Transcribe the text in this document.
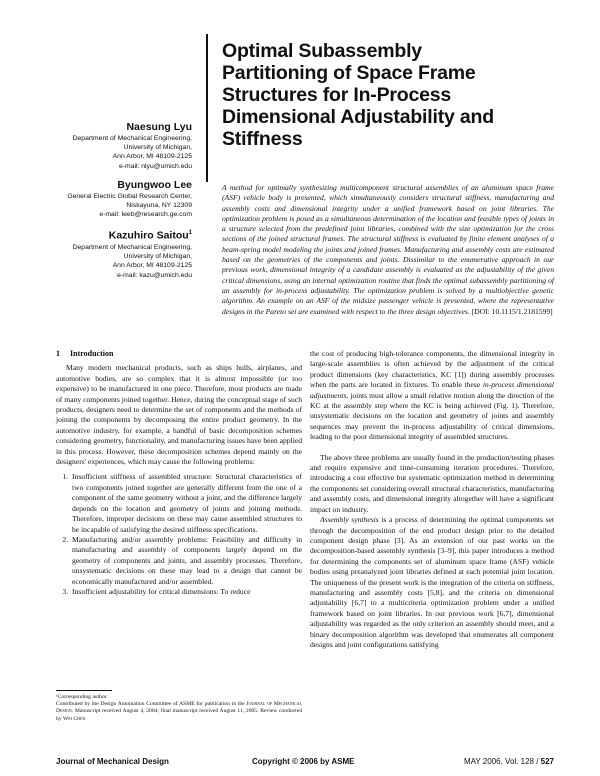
Optimal Subassembly
Partitioning of Space Frame
Structures for In-Process
Dimensional Adjustability and
Stiffness
Naesung Lyu
Department of Mechanical Engineering,
University of Michigan,
Ann Arbor, MI 48109-2125
e-mail: nlyu@umich.edu
Byungwoo Lee
General Electric Global Research Center,
Niskayuna, NY 12309
e-mail: leeb@research.ge.com
Kazuhiro Saitou$^1$
Department of Mechanical Engineering,
University of Michigan,
Ann Arbor, MI 48109-2125
e-mail: kazu@umich.edu
A method for optimally synthesizing multicomponent structural assemblies of an aluminum space frame (ASF) vehicle body is presented, which simultaneously considers structural stiffness, manufacturing and assembly costs and dimensional integrity under a unified framework based on joint libraries. The optimization problem is posed as a simultaneous determination of the location and feasible types of joints in a structure selected from the predefined joint libraries, combined with the size optimization for the cross sections of the joined structural frames. The structural stiffness is evaluated by finite element analyses of a beam-spring model modeling the joints and joined frames. Manufacturing and assembly costs are estimated based on the geometries of the components and joints. Dissimilar to the enumerative approach in our previous work, dimensional integrity of a candidate assembly is evaluated as the adjustability of the given critical dimensions, using an internal optimization routine that finds the optimal subassembly partitioning of an assembly for in-process adjustability. The optimization problem is solved by a multiobjective genetic algorithm. An example on an ASF of the midsize passenger vehicle is presented, where the representative designs in the Pareto set are examined with respect to the three design objectives. [DOI: 10.1115/1.2181599]
1 Introduction

Many modern mechanical products, such as ships hulls, airplanes, and automotive bodies, are so complex that it is almost impossible (or too expensive) to be manufactured in one piece. Therefore, most products are made of many components joined together. Hence, during the conceptual stage of such products, designers need to determine the set of components and the methods of joining the components by decomposing the entire product geometry. In the automotive industry, for example, a handful of basic decomposition schemes considering geometry, functionality, and manufacturing issues have been applied in this process. However, these decomposition schemes depend mainly on the designers' experiences, which may cause the following problems:

1. Insufficient stiffness of assembled structure: Structural characteristics of two components joined together are generally different from the one of a component of the same geometry without a joint, and the difference largely depends on the location and geometry of joints and joining methods. Therefore, improper decisions on these may cause assembled structures to be incapable of satisfying the desired stiffness specifications.
2. Manufacturing and/or assembly problems: Feasibility and difficulty in manufacturing and assembly of components largely depend on the geometry of components and joints, and assembly processes. Therefore, unsystematic decisions on these may lead to a design that cannot be economically manufactured and/or assembled.
3. Insufficient adjustability for critical dimensions: To reduce
¹Corresponding author.
Contributed by the Design Automation Committee of ASME for publication in the Journal of Mechanical Design. Manuscript received August 4, 2004; final manuscript received August 11, 2005. Review conducted by Wei Chen

the cost of producing high-tolerance components, the dimensional integrity in large-scale assemblies is often achieved by the adjustment of the critical product dimensions (key characteristics, KC [1]) during assembly processes when the parts are located in fixtures. To enable these in-process dimensional adjustments, joints must allow a small relative motion along the direction of the KC at the assembly step where the KC is being achieved (Fig. 1). Therefore, unsystematic decisions on the location and geometry of joints and assembly sequences may prevent the in-process adjustability of critical dimensions, leading to the poor dimensional integrity of assembled structures.

The above three problems are usually found in the production/testing phases and require expensive and time-consuming iteration procedures. Therefore, introducing a cost effective but systematic optimization method in determining the components set considering overall structural characteristics, manufacturing and assembly costs, and dimensional integrity altogether will have a significant impact on industry.

Assembly synthesis is a process of determining the optimal components set through the decomposition of the end product design prior to the detailed component design phase [3]. As an extension of our past works on the decomposition-based assembly synthesis [3–9], this paper introduces a method for determining the components set of aluminum space frame (ASF) vehicle bodies using preanalyzed joint libraries defined at each potential joint location. The uniqueness of the present work is the integration of the criteria on stiffness, manufacturing and assembly costs [5,8], and the criteria on dimensional adjustability [6,7] to a multicriteria optimization problem under a unified framework based on joint libraries. In our previous work [6,7], dimensional adjustability was regarded as the only criterion an assembly should meet, and a binary decomposition algorithm was developed that enumerates all component designs and joint configurations satisfying

Journal of Mechanical Design	Copyright © 2006 by ASME	MAY 2006, Vol. 128 / 527
